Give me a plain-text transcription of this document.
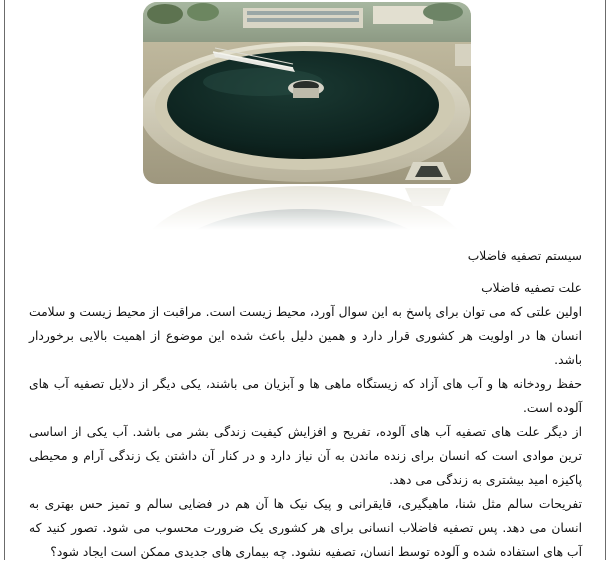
سیستم تصفیه فاضلاب
علت تصفیه فاضلاب

اولین علتی که می توان برای پاسخ به این سوال آورد، محیط زیست است. مراقبت از محیط زیست و سلامت انسان ها در اولویت هر کشوری قرار دارد و همین دلیل باعث شده این موضوع از اهمیت بالایی برخوردار باشد.

حفظ رودخانه ها و آب های آزاد که زیستگاه ماهی ها و آبزیان می باشند، یکی دیگر از دلایل تصفیه آب های آلوده است.

از دیگر علت های تصفیه آب های آلوده، تفریح و افزایش کیفیت زندگی بشر می باشد. آب یکی از اساسی ترین موادی است که انسان برای زنده ماندن به آن نیاز دارد و در کنار آن داشتن یک زندگی آرام و محیطی پاکیزه امید بیشتری به زندگی می دهد.

تفریحات سالم مثل شنا، ماهیگیری، قایقرانی و پیک نیک ها آن هم در فضایی سالم و تمیز حس بهتری به انسان می دهد. پس تصفیه فاضلاب انسانی برای هر کشوری یک ضرورت محسوب می شود. تصور کنید که آب های استفاده شده و آلوده توسط انسان، تصفیه نشود. چه بیماری های جدیدی ممکن است ایجاد شود؟
